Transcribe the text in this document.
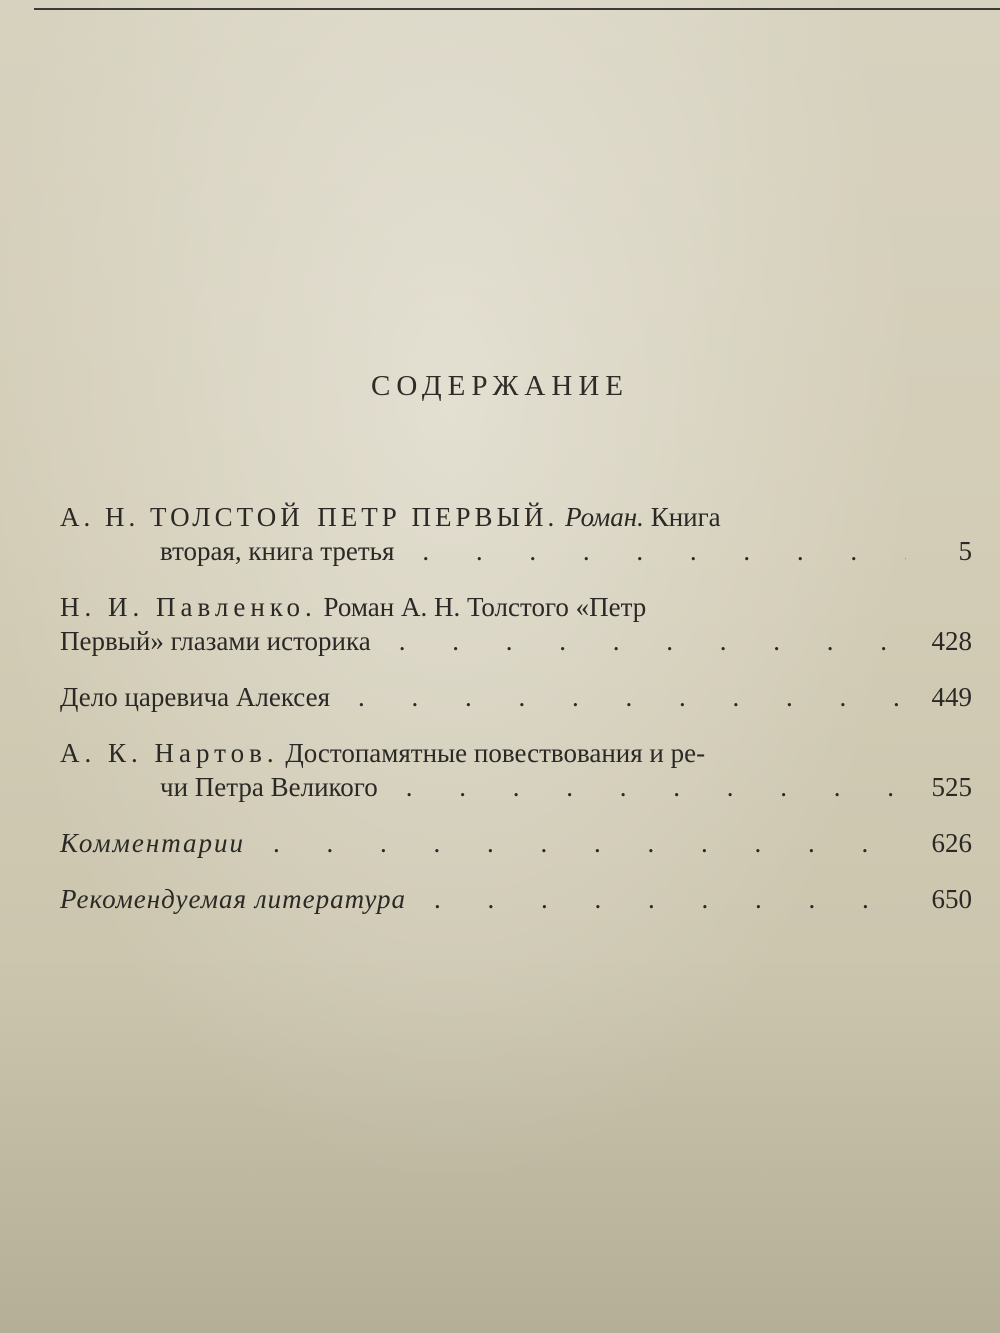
СОДЕРЖАНИЕ
А. Н. ТОЛСТОЙ ПЕТР ПЕРВЫЙ. Роман. Книга
вторая, книга третья . . .	5
Н. И. Павленко. Роман А. Н. Толстого «Петр
Первый» глазами историка . . .	428
Дело царевича Алексея . . .	449
А. К. Нартов. Достопамятные повествования и ре-
чи Петра Великого . . .	525
Комментарии . . .	626
Рекомендуемая литература . . .	650
